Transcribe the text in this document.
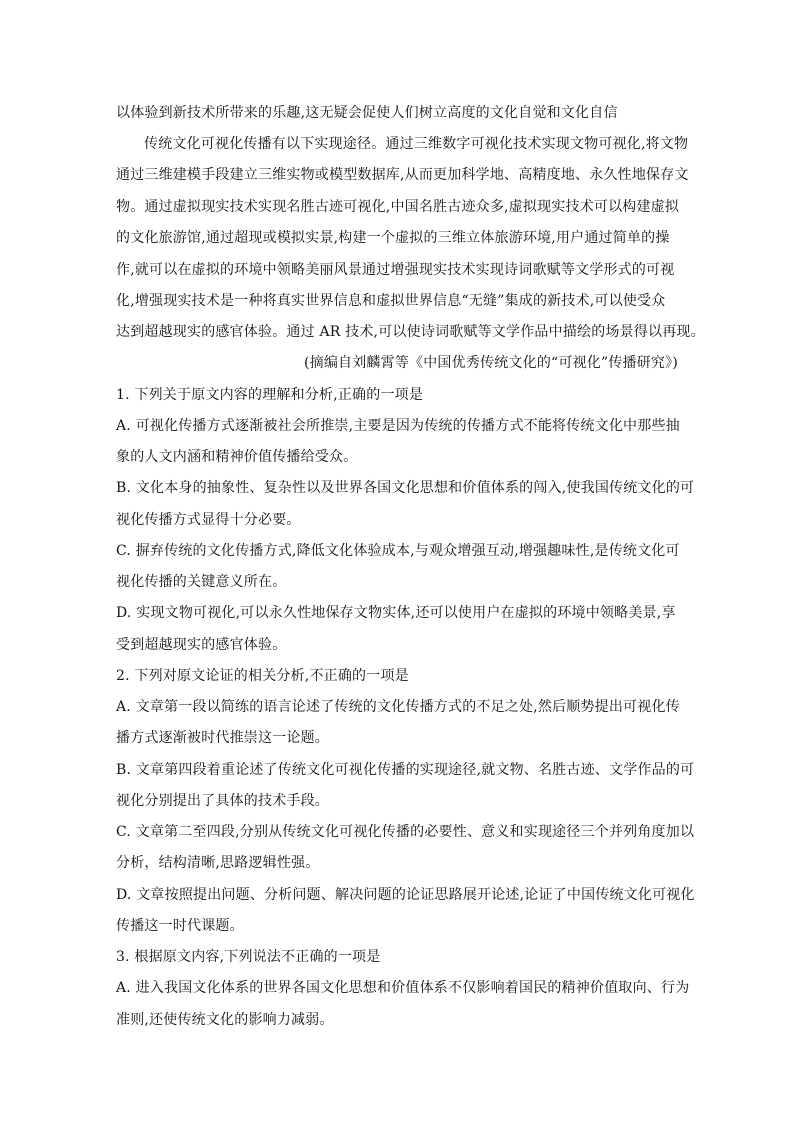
以体验到新技术所带来的乐趣,这无疑会促使人们树立高度的文化自觉和文化自信
传统文化可视化传播有以下实现途径。通过三维数字可视化技术实现文物可视化,将文物
通过三维建模手段建立三维实物或模型数据库,从而更加科学地、高精度地、永久性地保存文
物。通过虚拟现实技术实现名胜古迹可视化,中国名胜古迹众多,虚拟现实技术可以构建虚拟
的文化旅游馆,通过超现或模拟实景,构建一个虚拟的三维立体旅游环境,用户通过简单的操
作,就可以在虚拟的环境中领略美丽风景通过增强现实技术实现诗词歌赋等文学形式的可视
化,增强现实技术是一种将真实世界信息和虚拟世界信息“无缝”集成的新技术,可以使受众
达到超越现实的感官体验。通过 AR 技术,可以使诗词歌赋等文学作品中描绘的场景得以再现。
(摘编自刘麟霄等《中国优秀传统文化的“可视化”传播研究》)
1. 下列关于原文内容的理解和分析,正确的一项是
A. 可视化传播方式逐渐被社会所推崇,主要是因为传统的传播方式不能将传统文化中那些抽
象的人文内涵和精神价值传播给受众。
B. 文化本身的抽象性、复杂性以及世界各国文化思想和价值体系的闯入,使我国传统文化的可
视化传播方式显得十分必要。
C. 摒弃传统的文化传播方式,降低文化体验成本,与观众增强互动,增强趣味性,是传统文化可
视化传播的关键意义所在。
D. 实现文物可视化,可以永久性地保存文物实体,还可以使用户在虚拟的环境中领略美景,享
受到超越现实的感官体验。
2. 下列对原文论证的相关分析,不正确的一项是
A. 文章第一段以简练的语言论述了传统的文化传播方式的不足之处,然后顺势提出可视化传
播方式逐渐被时代推崇这一论题。
B. 文章第四段着重论述了传统文化可视化传播的实现途径,就文物、名胜古迹、文学作品的可
视化分别提出了具体的技术手段。
C. 文章第二至四段,分别从传统文化可视化传播的必要性、意义和实现途径三个并列角度加以
分析，结构清晰,思路逻辑性强。
D. 文章按照提出问题、分析问题、解决问题的论证思路展开论述,论证了中国传统文化可视化
传播这一时代课题。
3. 根据原文内容,下列说法不正确的一项是
A. 进入我国文化体系的世界各国文化思想和价值体系不仅影响着国民的精神价值取向、行为
准则,还使传统文化的影响力减弱。
